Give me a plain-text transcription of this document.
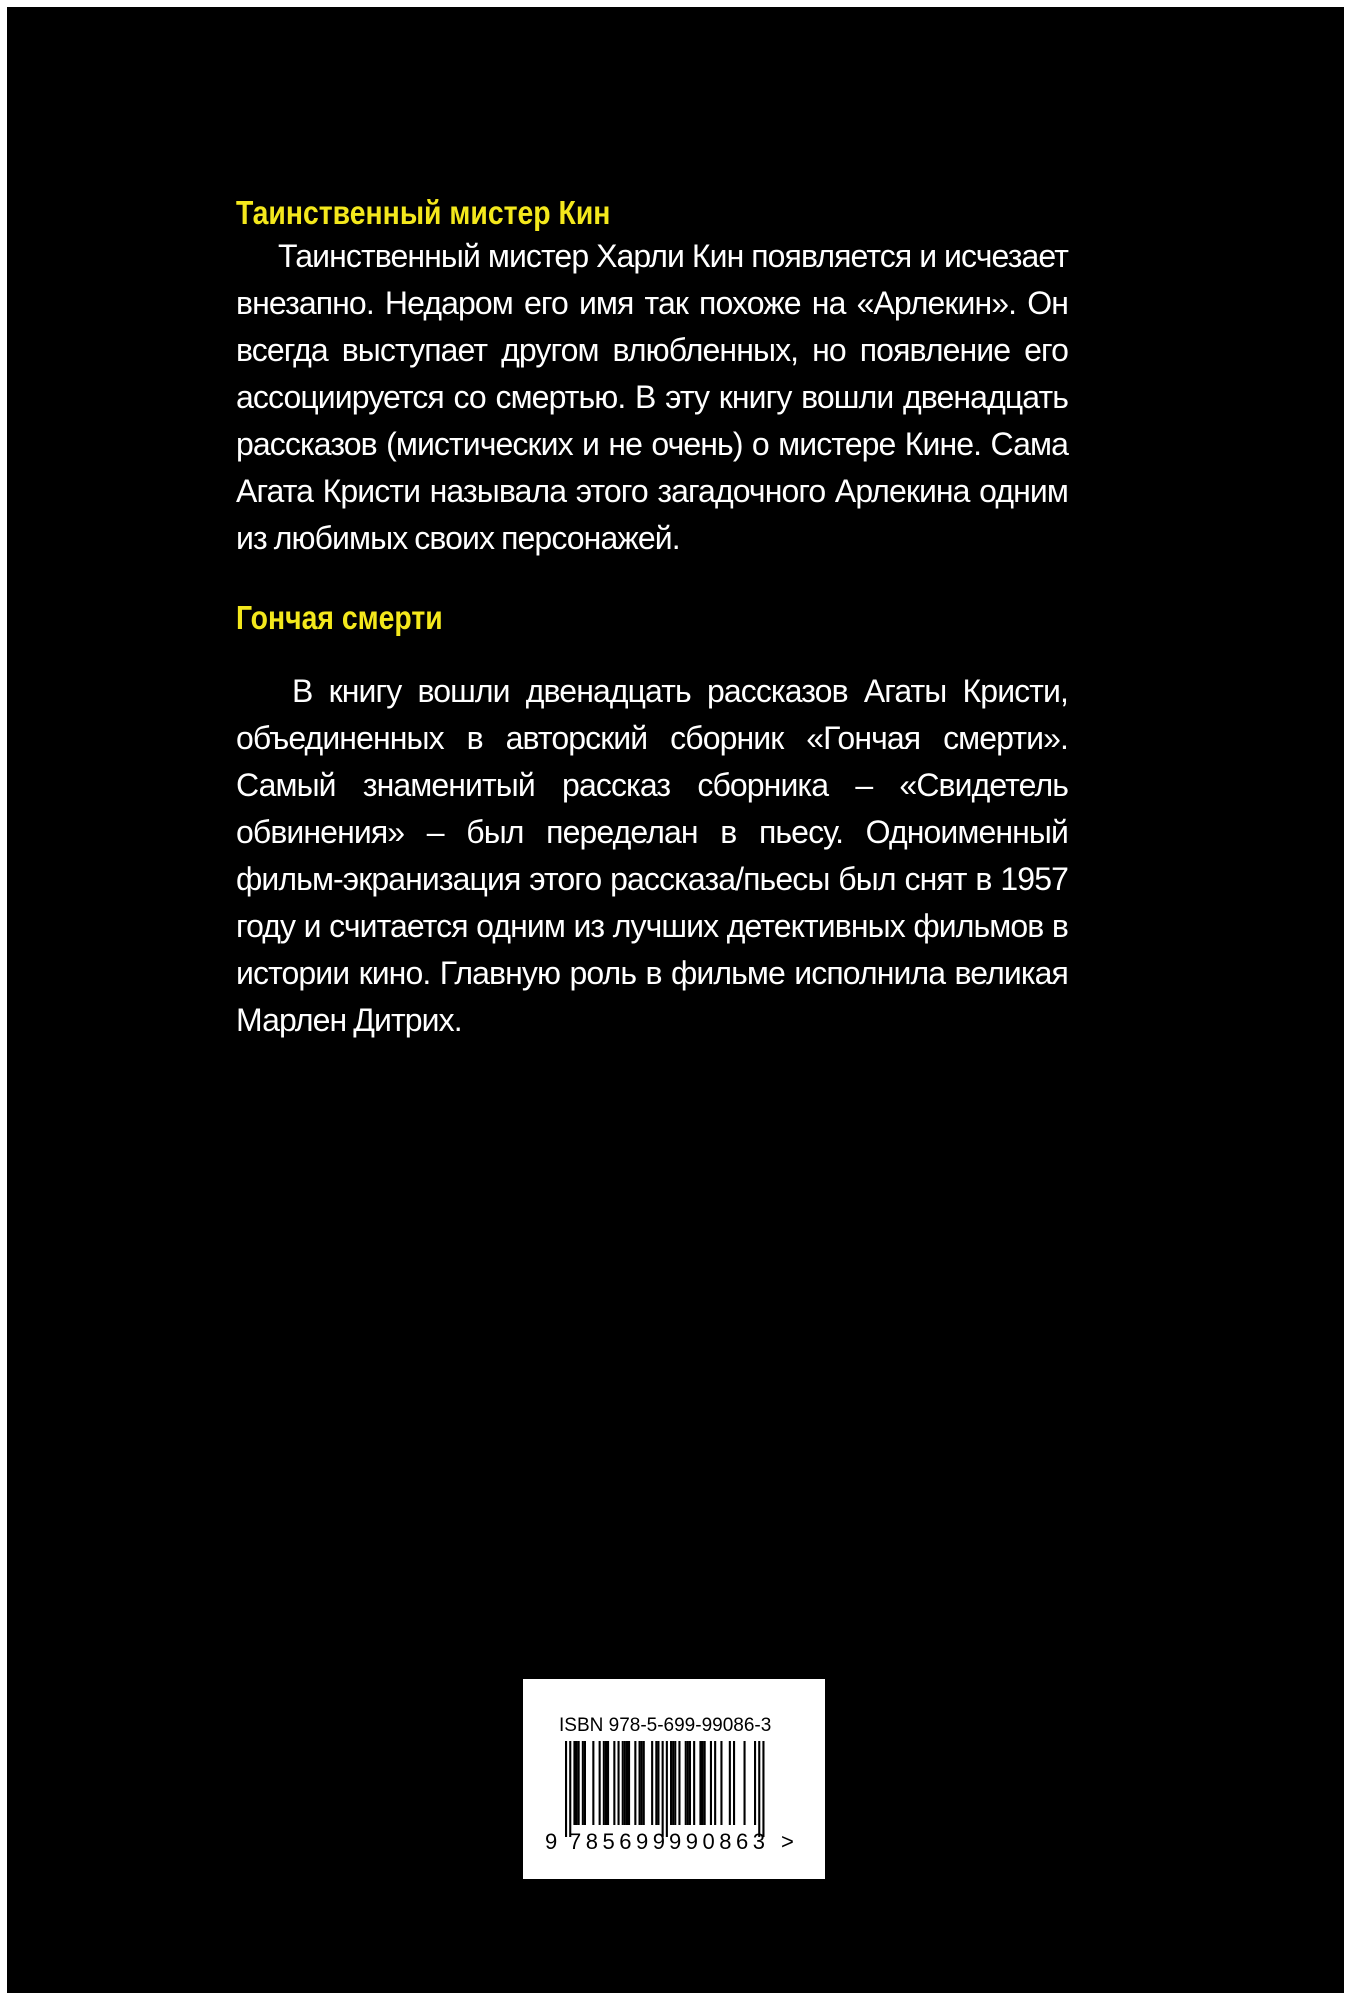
Таинственный мистер Кин

Таинственный мистер Харли Кин появляется и исчезает внезапно. Недаром его имя так похоже на «Арлекин». Он всегда выступает другом влюбленных, но появление его ассоциируется со смертью. В эту книгу вошли двенадцать рассказов (мистических и не очень) о мистере Кине. Сама Агата Кристи называла этого загадочного Арлекина одним из любимых своих персонажей.

Гончая смерти

В книгу вошли двенадцать рассказов Агаты Кристи, объединенных в авторский сборник «Гончая смерти». Самый знаменитый рассказ сборника – «Свидетель обвинения» – был переделан в пьесу. Одноименный фильм-экранизация этого рассказа/пьесы был снят в 1957 году и считается одним из лучших детективных фильмов в истории кино. Главную роль в фильме исполнила великая Марлен Дитрих.

ISBN 978-5-699-99086-3
9 785699 990863 >
